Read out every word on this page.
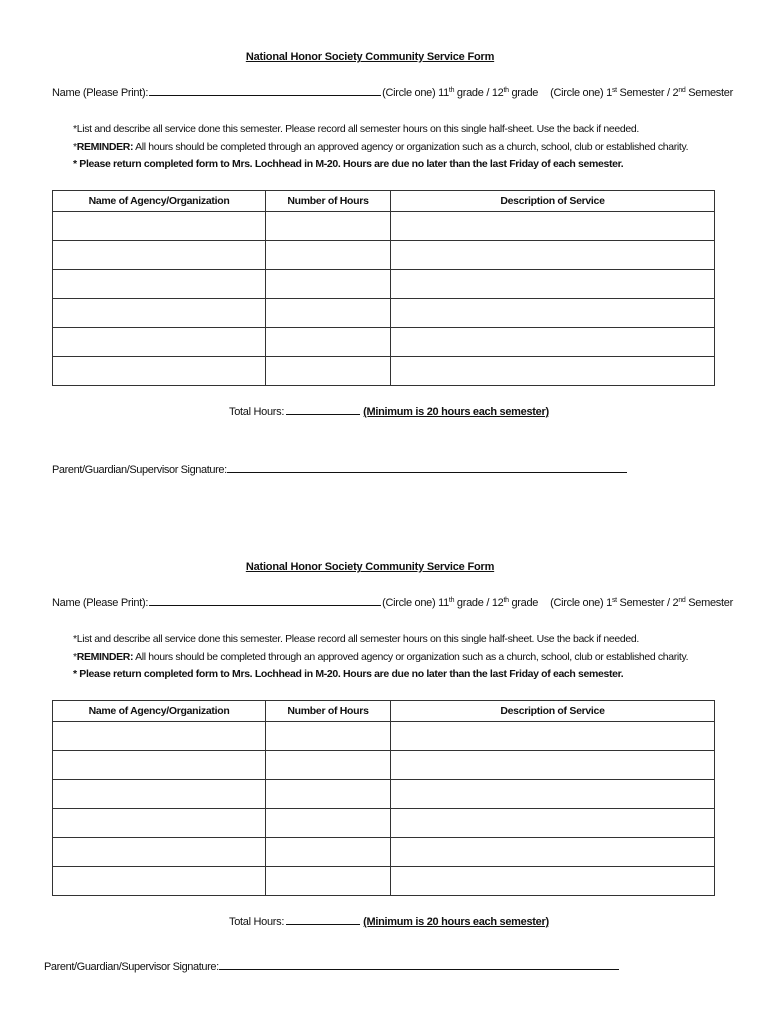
National Honor Society Community Service Form
Name (Please Print):	(Circle one) 11th grade / 12th grade (Circle one) 1st Semester / 2nd Semester
*List and describe all service done this semester. Please record all semester hours on this single half-sheet. Use the back if needed.
*REMINDER: All hours should be completed through an approved agency or organization such as a church, school, club or established charity.
* Please return completed form to Mrs. Lochhead in M-20. Hours are due no later than the last Friday of each semester.
Name of Agency/Organization	Number of Hours	Description of Service

Total Hours:	(Minimum is 20 hours each semester)
Parent/Guardian/Supervisor Signature:
National Honor Society Community Service Form
Name (Please Print):	(Circle one) 11th grade / 12th grade (Circle one) 1st Semester / 2nd Semester
*List and describe all service done this semester. Please record all semester hours on this single half-sheet. Use the back if needed.
*REMINDER: All hours should be completed through an approved agency or organization such as a church, school, club or established charity.
* Please return completed form to Mrs. Lochhead in M-20. Hours are due no later than the last Friday of each semester.
Name of Agency/Organization	Number of Hours	Description of Service

Total Hours:	(Minimum is 20 hours each semester)
Parent/Guardian/Supervisor Signature:
